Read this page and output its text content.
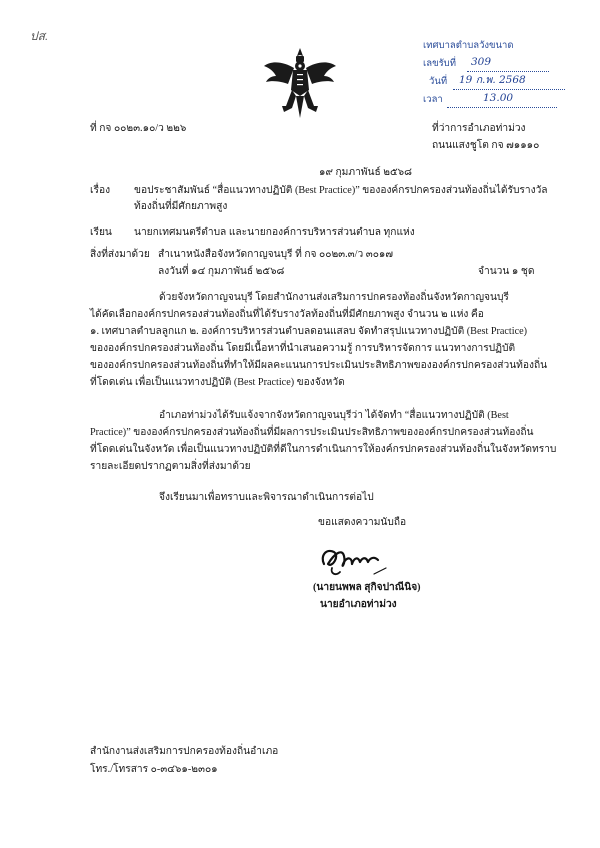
ปส.
เทศบาลตำบลวังขนาด
เลขรับที่ 309
วันที่ 19 ก.พ. 2568
เวลา	13.00
ที่ กจ ๐๐๒๓.๑๐/ว ๒๒๖	ที่ว่าการอำเภอท่าม่วง
ถนนแสงชูโต กจ ๗๑๑๑๐
๑๙ กุมภาพันธ์ ๒๕๖๘
เรื่อง ขอประชาสัมพันธ์ “สื่อแนวทางปฏิบัติ (Best Practice)” ขององค์กรปกครองส่วนท้องถิ่นได้รับรางวัล
ท้องถิ่นที่มีศักยภาพสูง
เรียน นายกเทศมนตรีตำบล และนายกองค์การบริหารส่วนตำบล ทุกแห่ง
สิ่งที่ส่งมาด้วย สำเนาหนังสือจังหวัดกาญจนบุรี ที่ กจ ๐๐๒๓.๓/ว ๓๐๑๗
ลงวันที่ ๑๔ กุมภาพันธ์ ๒๕๖๘	จำนวน ๑ ชุด
ด้วยจังหวัดกาญจนบุรี โดยสำนักงานส่งเสริมการปกครองท้องถิ่นจังหวัดกาญจนบุรี
ได้คัดเลือกองค์กรปกครองส่วนท้องถิ่นที่ได้รับรางวัลท้องถิ่นที่มีศักยภาพสูง จำนวน ๒ แห่ง คือ
๑. เทศบาลตำบลลูกแก ๒. องค์การบริหารส่วนตำบลดอนแสลบ จัดทำสรุปแนวทางปฏิบัติ (Best Practice)
ขององค์กรปกครองส่วนท้องถิ่น โดยมีเนื้อหาที่นำเสนอความรู้ การบริหารจัดการ แนวทางการปฏิบัติ
ขององค์กรปกครองส่วนท้องถิ่นที่ทำให้มีผลคะแนนการประเมินประสิทธิภาพขององค์กรปกครองส่วนท้องถิ่น
ที่โดดเด่น เพื่อเป็นแนวทางปฏิบัติ (Best Practice) ของจังหวัด
อำเภอท่าม่วงได้รับแจ้งจากจังหวัดกาญจนบุรีว่า ได้จัดทำ “สื่อแนวทางปฏิบัติ (Best
Practice)” ขององค์กรปกครองส่วนท้องถิ่นที่มีผลการประเมินประสิทธิภาพขององค์กรปกครองส่วนท้องถิ่น
ที่โดดเด่นในจังหวัด เพื่อเป็นแนวทางปฏิบัติที่ดีในการดำเนินการให้องค์กรปกครองส่วนท้องถิ่นในจังหวัดทราบ
รายละเอียดปรากฏตามสิ่งที่ส่งมาด้วย
จึงเรียนมาเพื่อทราบและพิจารณาดำเนินการต่อไป
ขอแสดงความนับถือ
(นายนพพล สุกิจปาณีนิจ)
นายอำเภอท่าม่วง
สำนักงานส่งเสริมการปกครองท้องถิ่นอำเภอ
โทร./โทรสาร ๐-๓๔๖๑-๒๓๐๑
